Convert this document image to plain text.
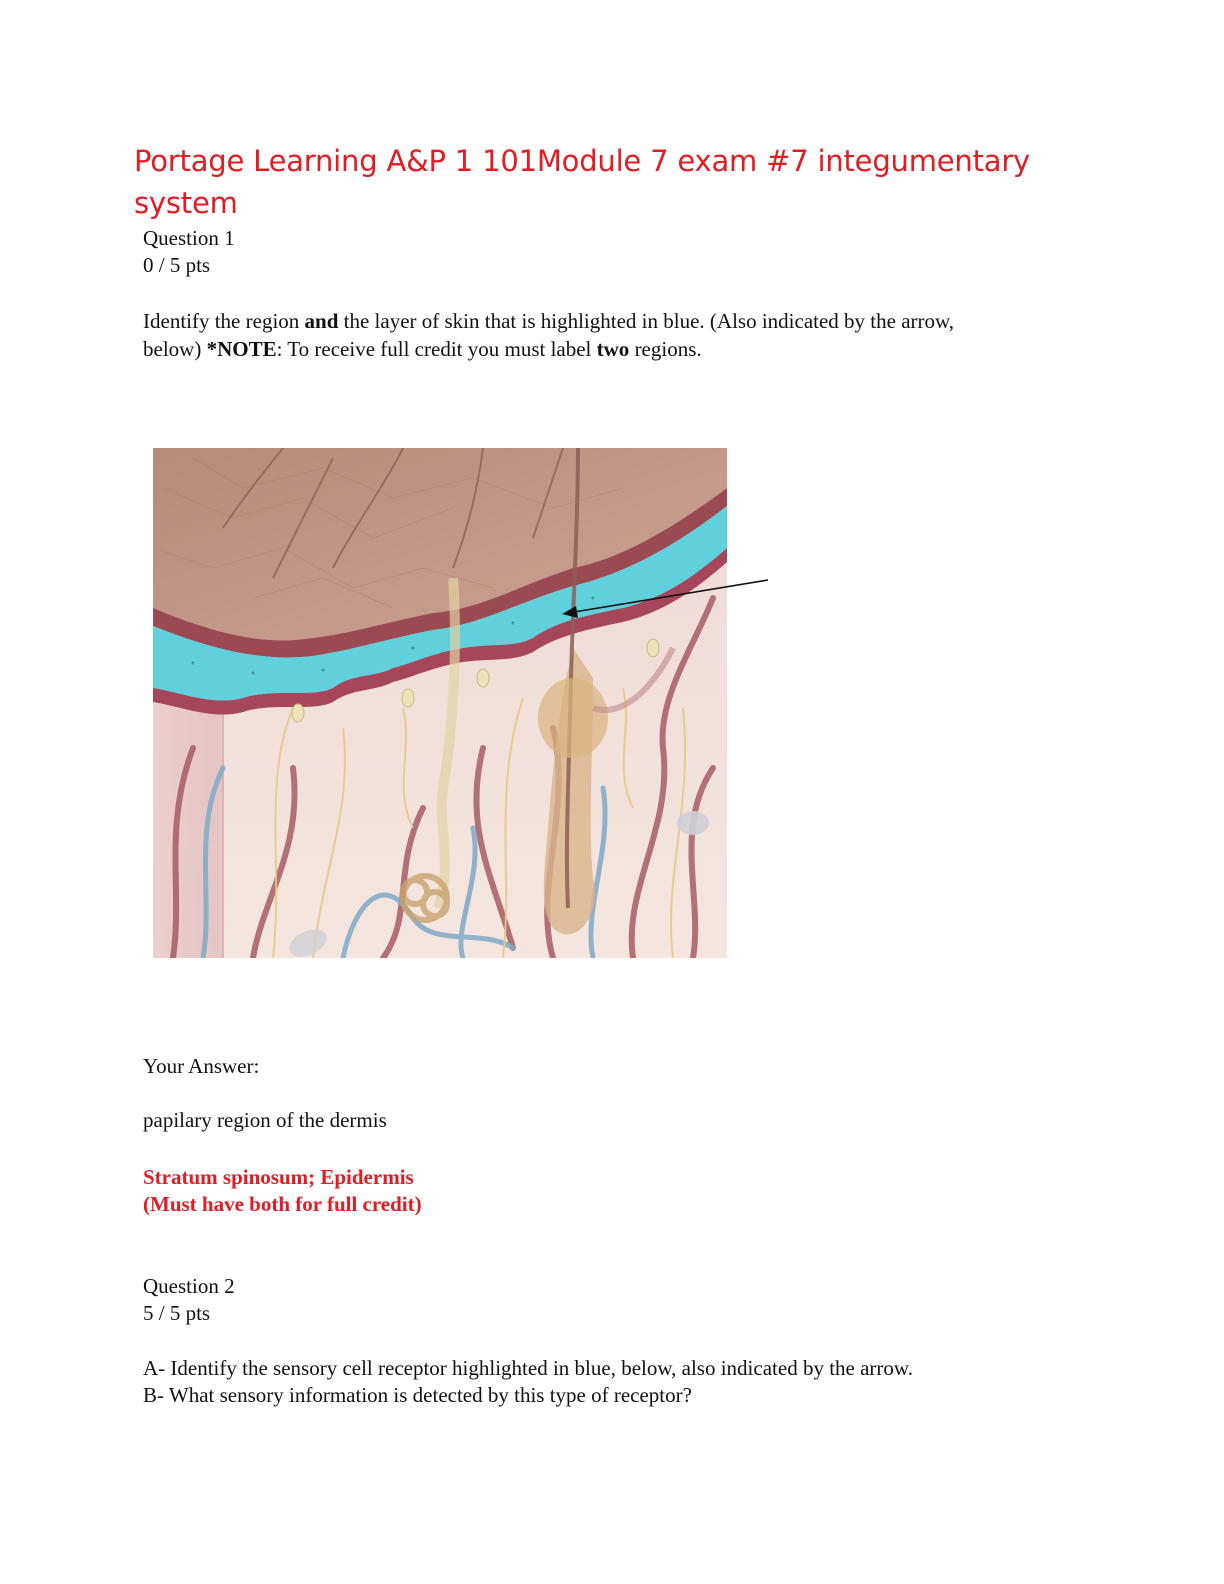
Portage Learning A&P 1 101Module 7 exam #7 integumentary
system
Question 1
0 / 5 pts
Identify the region and the layer of skin that is highlighted in blue. (Also indicated by the arrow,
below) *NOTE: To receive full credit you must label two regions.
Your Answer:
papilary region of the dermis
Stratum spinosum; Epidermis
(Must have both for full credit)
Question 2
5 / 5 pts
A- Identify the sensory cell receptor highlighted in blue, below, also indicated by the arrow.
B- What sensory information is detected by this type of receptor?
